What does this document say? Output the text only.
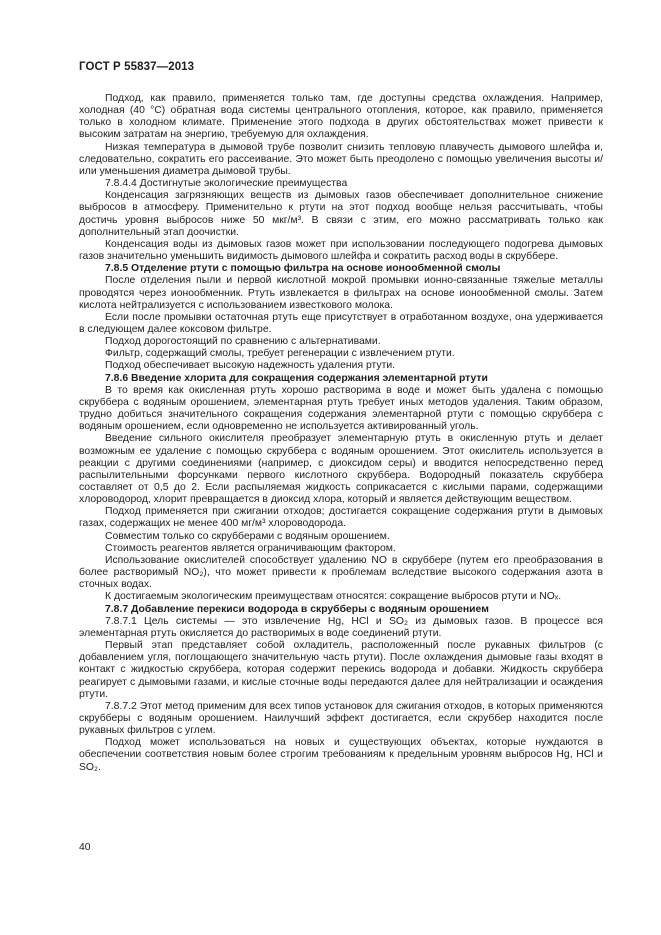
ГОСТ Р 55837—2013

Подход, как правило, применяется только там, где доступны средства охлаждения. Например, холодная (40 °С) обратная вода системы центрального отопления, которое, как правило, применяется только в холодном климате. Применение этого подхода в других обстоятельствах может привести к высоким затратам на энергию, требуемую для охлаждения.

Низкая температура в дымовой трубе позволит снизить тепловую плавучесть дымового шлейфа и, следовательно, сократить его рассеивание. Это может быть преодолено с помощью увеличения высоты и/или уменьшения диаметра дымовой трубы.

7.8.4.4 Достигнутые экологические преимущества

Конденсация загрязняющих веществ из дымовых газов обеспечивает дополнительное снижение выбросов в атмосферу. Применительно к ртути на этот подход вообще нельзя рассчитывать, чтобы достичь уровня выбросов ниже 50 мкг/м³. В связи с этим, его можно рассматривать только как дополнительный этап доочистки.

Конденсация воды из дымовых газов может при использовании последующего подогрева дымовых газов значительно уменьшить видимость дымового шлейфа и сократить расход воды в скруббере.

7.8.5 Отделение ртути с помощью фильтра на основе ионообменной смолы

После отделения пыли и первой кислотной мокрой промывки ионно-связанные тяжелые металлы проводятся через ионообменник. Ртуть извлекается в фильтрах на основе ионообменной смолы. Затем кислота нейтрализуется с использованием известкового молока.

Если после промывки остаточная ртуть еще присутствует в отработанном воздухе, она удерживается в следующем далее коксовом фильтре.

Подход дорогостоящий по сравнению с альтернативами.

Фильтр, содержащий смолы, требует регенерации с извлечением ртути.

Подход обеспечивает высокую надежность удаления ртути.

7.8.6 Введение хлорита для сокращения содержания элементарной ртути

В то время как окисленная ртуть хорошо растворима в воде и может быть удалена с помощью скруббера с водяным орошением, элементарная ртуть требует иных методов удаления. Таким образом, трудно добиться значительного сокращения содержания элементарной ртути с помощью скруббера с водяным орошением, если одновременно не используется активированный уголь.

Введение сильного окислителя преобразует элементарную ртуть в окисленную ртуть и делает возможным ее удаление с помощью скруббера с водяным орошением. Этот окислитель используется в реакции с другими соединениями (например, с диоксидом серы) и вводится непосредственно перед распылительными форсунками первого кислотного скруббера. Водородный показатель скруббера составляет от 0,5 до 2. Если распыляемая жидкость соприкасается с кислыми парами, содержащими хлороводород, хлорит превращается в диоксид хлора, который и является действующим веществом.

Подход применяется при сжигании отходов; достигается сокращение содержания ртути в дымовых газах, содержащих не менее 400 мг/м³ хлороводорода.

Совместим только со скрубберами с водяным орошением.

Стоимость реагентов является ограничивающим фактором.

Использование окислителей способствует удалению NO в скруббере (путем его преобразования в более растворимый NO₂), что может привести к проблемам вследствие высокого содержания азота в сточных водах.

К достигаемым экологическим преимуществам относятся: сокращение выбросов ртути и NOₓ.

7.8.7 Добавление перекиси водорода в скрубберы с водяным орошением

7.8.7.1 Цель системы — это извлечение Hg, HCl и SO₂ из дымовых газов. В процессе вся элементарная ртуть окисляется до растворимых в воде соединений ртути.

Первый этап представляет собой охладитель, расположенный после рукавных фильтров (с добавлением угля, поглощающего значительную часть ртути). После охлаждения дымовые газы входят в контакт с жидкостью скруббера, которая содержит перекись водорода и добавки. Жидкость скруббера реагирует с дымовыми газами, и кислые сточные воды передаются далее для нейтрализации и осаждения ртути.

7.8.7.2 Этот метод применим для всех типов установок для сжигания отходов, в которых применяются скрубберы с водяным орошением. Наилучший эффект достигается, если скруббер находится после рукавных фильтров с углем.

Подход может использоваться на новых и существующих объектах, которые нуждаются в обеспечении соответствия новым более строгим требованиям к предельным уровням выбросов Hg, HCl и SO₂.

40
